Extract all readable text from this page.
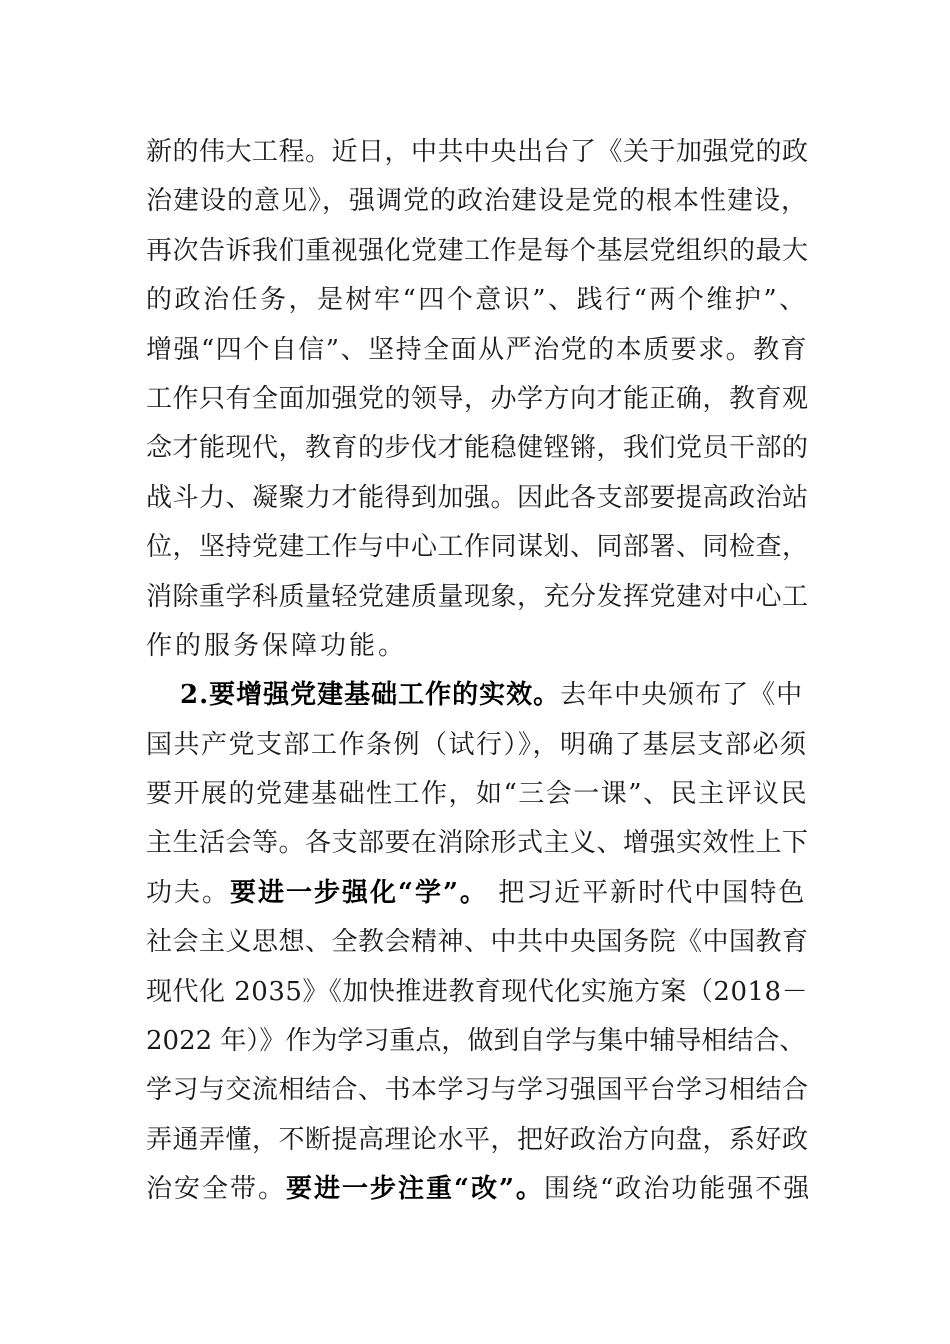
新的伟大工程。近日，中共中央出台了《关于加强党的政
治建设的意见》，强调党的政治建设是党的根本性建设，
再次告诉我们重视强化党建工作是每个基层党组织的最大
的政治任务，是树牢“四个意识”、践行“两个维护”、
增强“四个自信”、坚持全面从严治党的本质要求。教育
工作只有全面加强党的领导，办学方向才能正确，教育观
念才能现代，教育的步伐才能稳健铿锵，我们党员干部的
战斗力、凝聚力才能得到加强。因此各支部要提高政治站
位，坚持党建工作与中心工作同谋划、同部署、同检查，
消除重学科质量轻党建质量现象，充分发挥党建对中心工
作的服务保障功能。
2.要增强党建基础工作的实效。去年中央颁布了《中
国共产党支部工作条例（试行）》，明确了基层支部必须
要开展的党建基础性工作，如“三会一课”、民主评议民
主生活会等。各支部要在消除形式主义、增强实效性上下
功夫。要进一步强化“学”。 把习近平新时代中国特色
社会主义思想、全教会精神、中共中央国务院《中国教育
现代化 2035》《加快推进教育现代化实施方案（2018－
2022 年）》作为学习重点，做到自学与集中辅导相结合、
学习与交流相结合、书本学习与学习强国平台学习相结合
弄通弄懂，不断提高理论水平，把好政治方向盘，系好政
治安全带。要进一步注重“改”。围绕“政治功能强不强
